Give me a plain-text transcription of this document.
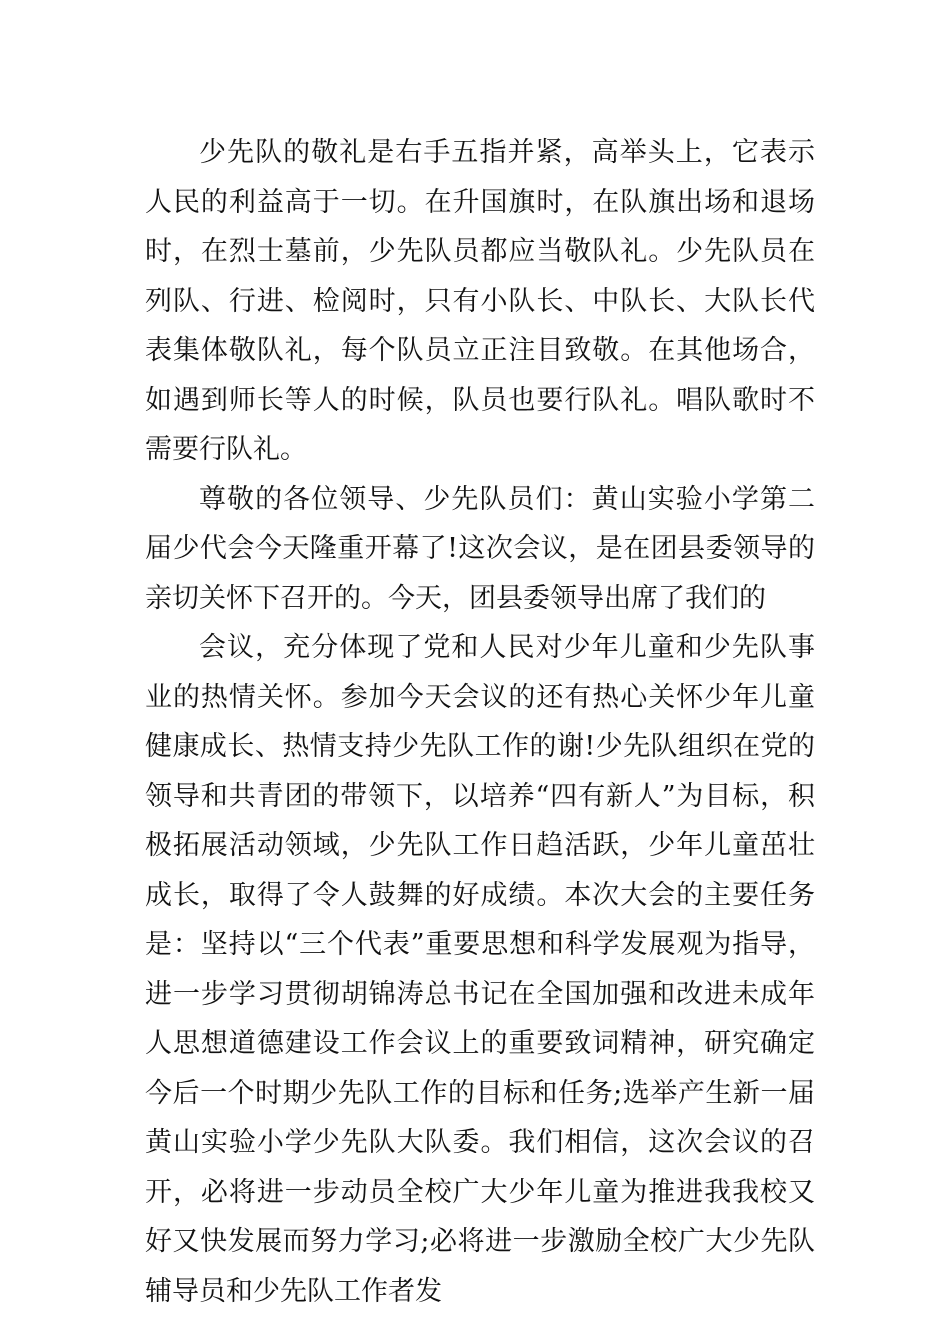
少先队的敬礼是右手五指并紧，高举头上，它表示人民的利益高于一切。在升国旗时，在队旗出场和退场时，在烈士墓前，少先队员都应当敬队礼。少先队员在列队、行进、检阅时，只有小队长、中队长、大队长代表集体敬队礼，每个队员立正注目致敬。在其他场合，如遇到师长等人的时候，队员也要行队礼。唱队歌时不需要行队礼。

尊敬的各位领导、少先队员们：黄山实验小学第二届少代会今天隆重开幕了!这次会议，是在团县委领导的亲切关怀下召开的。今天，团县委领导出席了我们的

会议，充分体现了党和人民对少年儿童和少先队事业的热情关怀。参加今天会议的还有热心关怀少年儿童健康成长、热情支持少先队工作的谢!少先队组织在党的领导和共青团的带领下，以培养“四有新人”为目标，积极拓展活动领域，少先队工作日趋活跃，少年儿童茁壮成长，取得了令人鼓舞的好成绩。本次大会的主要任务是：坚持以“三个代表”重要思想和科学发展观为指导，进一步学习贯彻胡锦涛总书记在全国加强和改进未成年人思想道德建设工作会议上的重要致词精神，研究确定今后一个时期少先队工作的目标和任务;选举产生新一届黄山实验小学少先队大队委。我们相信，这次会议的召开，必将进一步动员全校广大少年儿童为推进我我校又好又快发展而努力学习;必将进一步激励全校广大少先队辅导员和少先队工作者发
